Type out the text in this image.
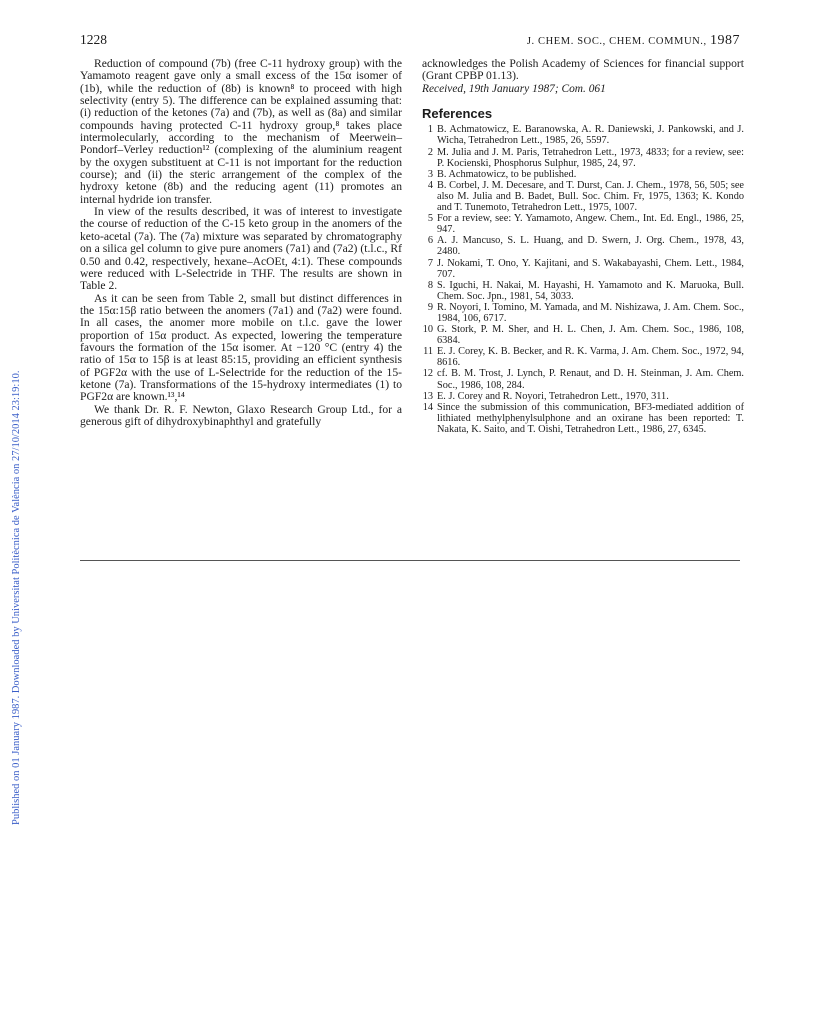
1228	J. CHEM. SOC., CHEM. COMMUN., 1987
Published on 01 January 1987. Downloaded by Universitat Politècnica de València on 27/10/2014 23:19:10.

Reduction of compound (7b) (free C-11 hydroxy group) with the Yamamoto reagent gave only a small excess of the 15α isomer of (1b), while the reduction of (8b) is known⁸ to proceed with high selectivity (entry 5). The difference can be explained assuming that: (i) reduction of the ketones (7a) and (7b), as well as (8a) and similar compounds having protected C-11 hydroxy group,⁸ takes place intermolecularly, according to the mechanism of Meerwein–Pondorf–Verley reduction¹² (complexing of the aluminium reagent by the oxygen substituent at C-11 is not important for the reduction course); and (ii) the steric arrangement of the complex of the hydroxy ketone (8b) and the reducing agent (11) promotes an internal hydride ion transfer.

In view of the results described, it was of interest to investigate the course of reduction of the C-15 keto group in the anomers of the keto-acetal (7a). The (7a) mixture was separated by chromatography on a silica gel column to give pure anomers (7a1) and (7a2) (t.l.c., Rf 0.50 and 0.42, respectively, hexane–AcOEt, 4:1). These compounds were reduced with L-Selectride in THF. The results are shown in Table 2.

As it can be seen from Table 2, small but distinct differences in the 15α:15β ratio between the anomers (7a1) and (7a2) were found. In all cases, the anomer more mobile on t.l.c. gave the lower proportion of 15α product. As expected, lowering the temperature favours the formation of the 15α isomer. At −120 °C (entry 4) the ratio of 15α to 15β is at least 85:15, providing an efficient synthesis of PGF2α with the use of L-Selectride for the reduction of the 15-ketone (7a). Transformations of the 15-hydroxy intermediates (1) to PGF2α are known.¹³,¹⁴

We thank Dr. R. F. Newton, Glaxo Research Group Ltd., for a generous gift of dihydroxybinaphthyl and gratefully

acknowledges the Polish Academy of Sciences for financial support (Grant CPBP 01.13).

Received, 19th January 1987; Com. 061

References
1 B. Achmatowicz, E. Baranowska, A. R. Daniewski, J. Pankowski, and J. Wicha, Tetrahedron Lett., 1985, 26, 5597.
2 M. Julia and J. M. Paris, Tetrahedron Lett., 1973, 4833; for a review, see: P. Kocienski, Phosphorus Sulphur, 1985, 24, 97.
3 B. Achmatowicz, to be published.
4 B. Corbel, J. M. Decesare, and T. Durst, Can. J. Chem., 1978, 56, 505; see also M. Julia and B. Badet, Bull. Soc. Chim. Fr, 1975, 1363; K. Kondo and T. Tunemoto, Tetrahedron Lett., 1975, 1007.
5 For a review, see: Y. Yamamoto, Angew. Chem., Int. Ed. Engl., 1986, 25, 947.
6 A. J. Mancuso, S. L. Huang, and D. Swern, J. Org. Chem., 1978, 43, 2480.
7 J. Nokami, T. Ono, Y. Kajitani, and S. Wakabayashi, Chem. Lett., 1984, 707.
8 S. Iguchi, H. Nakai, M. Hayashi, H. Yamamoto and K. Maruoka, Bull. Chem. Soc. Jpn., 1981, 54, 3033.
9 R. Noyori, I. Tomino, M. Yamada, and M. Nishizawa, J. Am. Chem. Soc., 1984, 106, 6717.
10 G. Stork, P. M. Sher, and H. L. Chen, J. Am. Chem. Soc., 1986, 108, 6384.
11 E. J. Corey, K. B. Becker, and R. K. Varma, J. Am. Chem. Soc., 1972, 94, 8616.
12 cf. B. M. Trost, J. Lynch, P. Renaut, and D. H. Steinman, J. Am. Chem. Soc., 1986, 108, 284.
13 E. J. Corey and R. Noyori, Tetrahedron Lett., 1970, 311.
14 Since the submission of this communication, BF3-mediated addition of lithiated methylphenylsulphone and an oxirane has been reported: T. Nakata, K. Saito, and T. Oishi, Tetrahedron Lett., 1986, 27, 6345.
